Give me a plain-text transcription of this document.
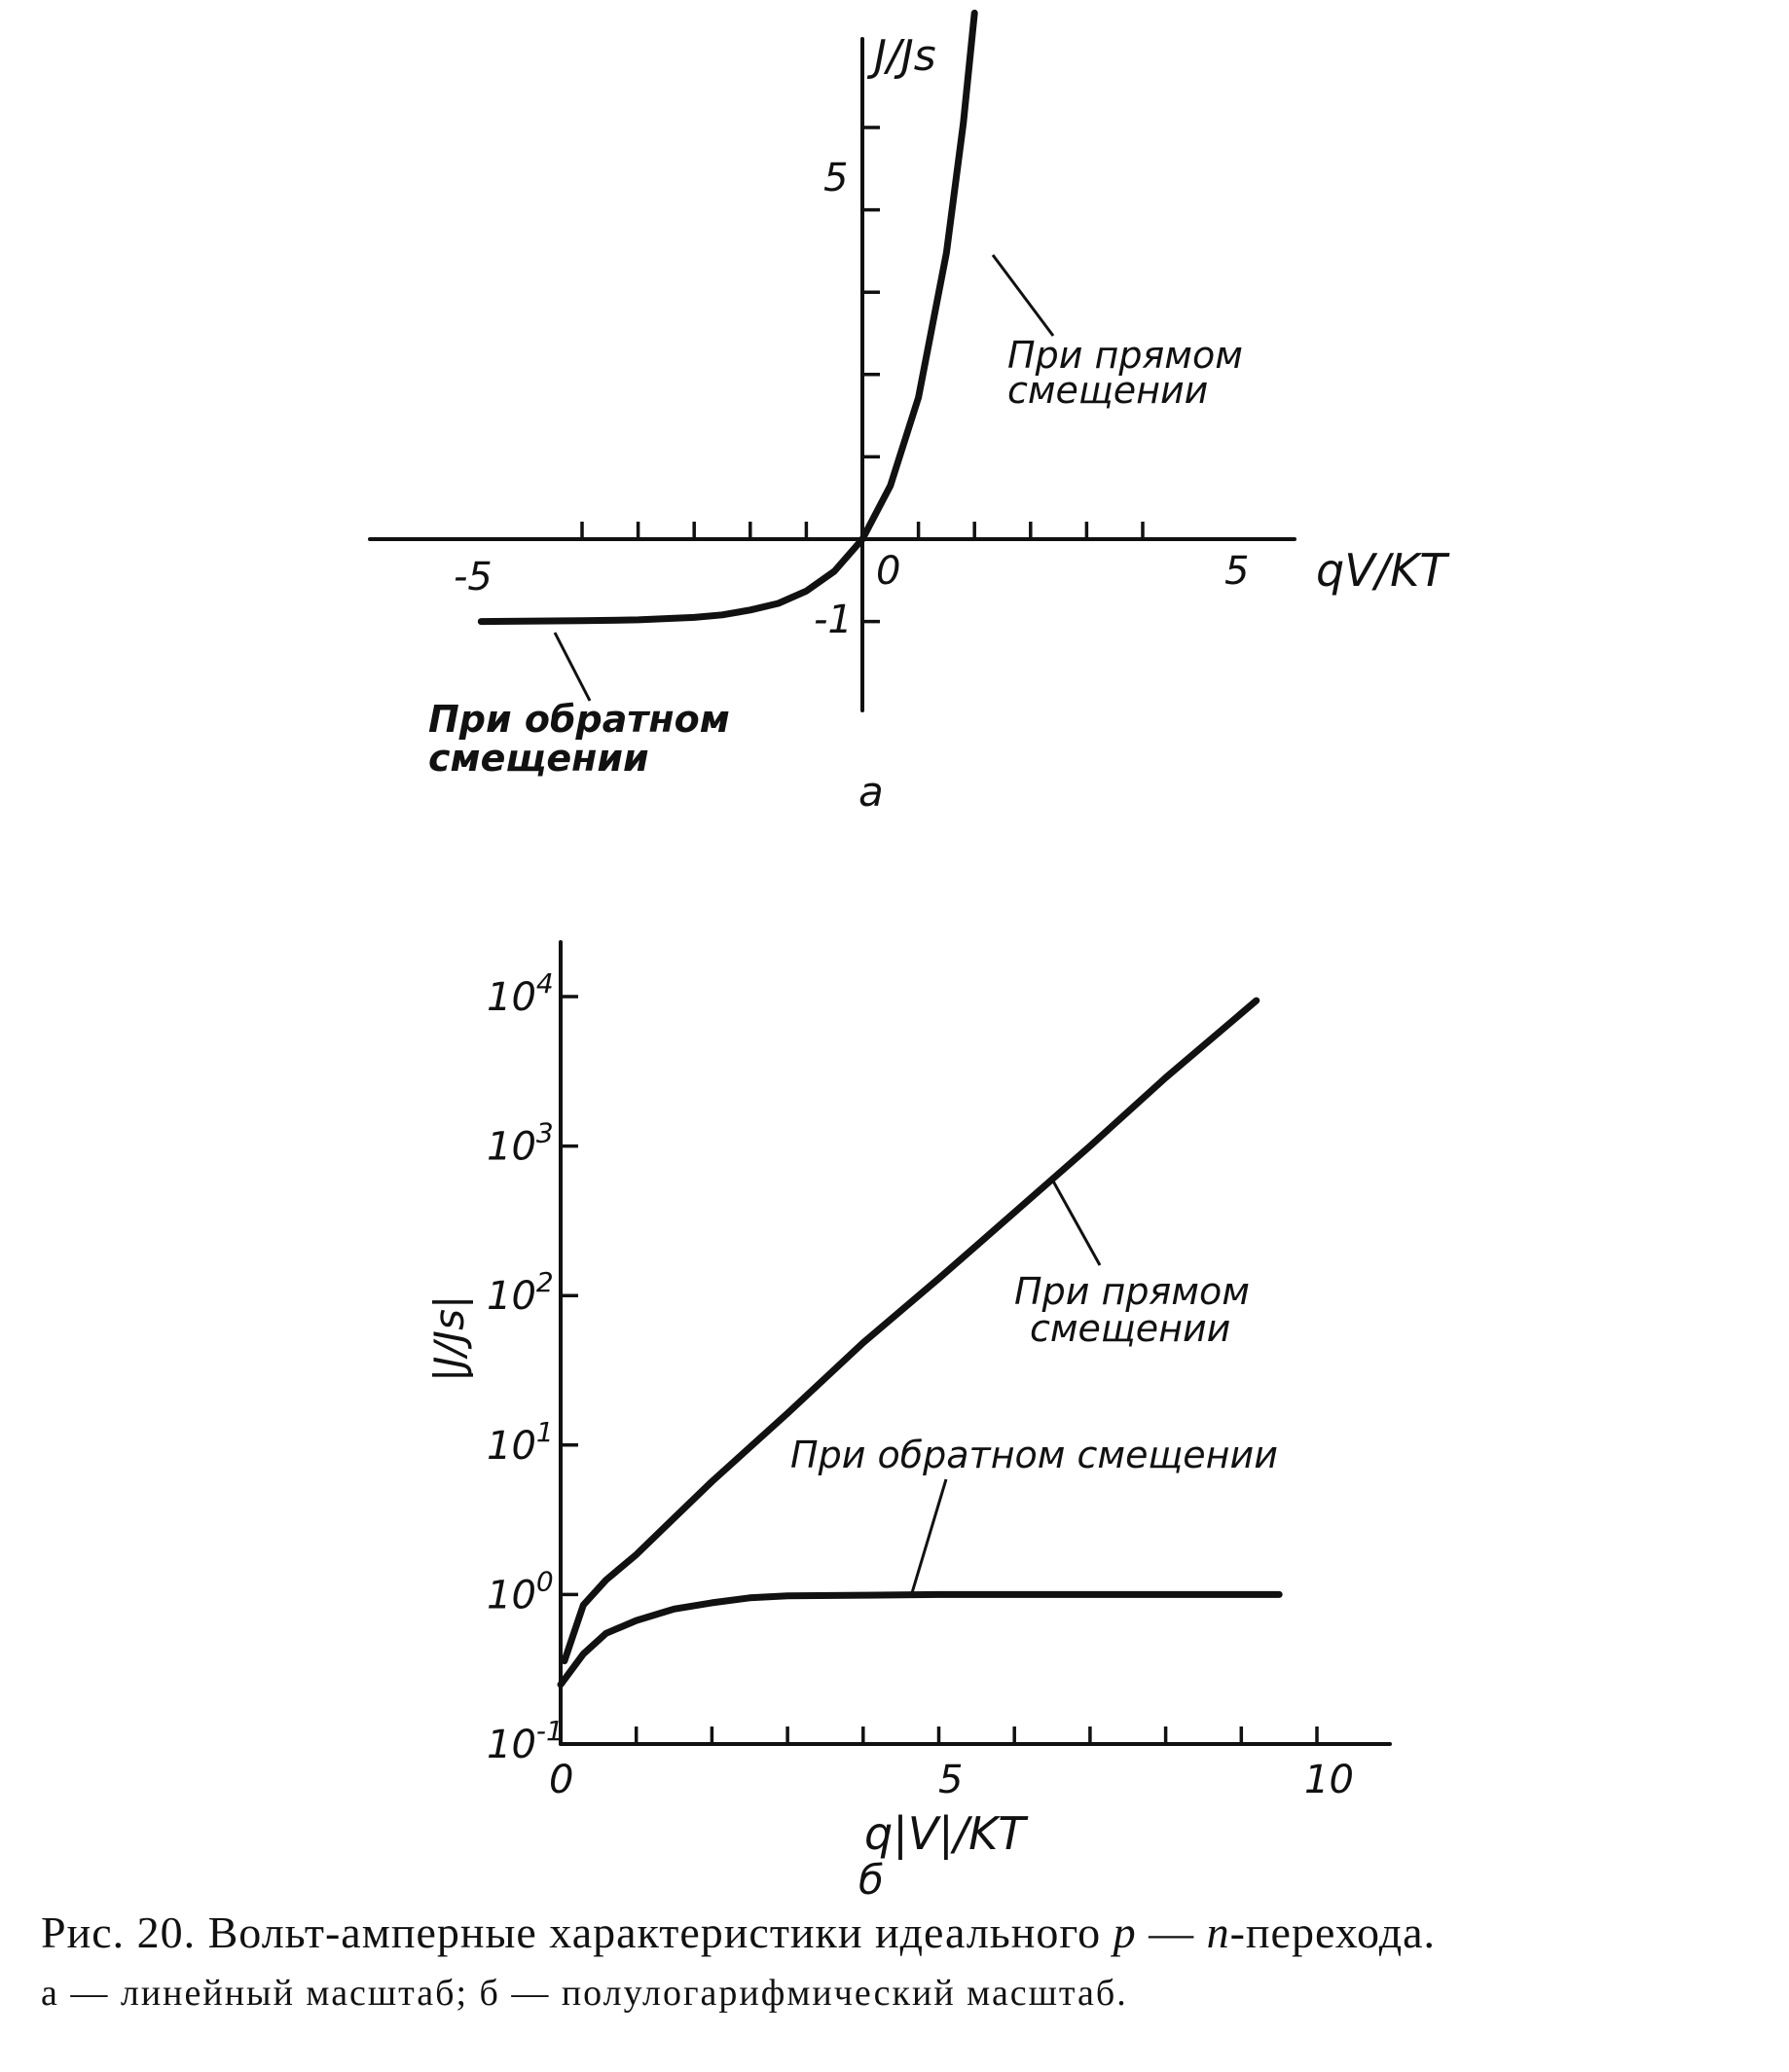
-5	0	5
5
-1
J/Js
qV/KT
При прямом
смещении
При обратном
смещении
а
0	5	10
$10^{-1}$
$10^0$
$10^1$
$10^2$
$10^3$
$10^4$
|J/Js|
q|V|/KT
При прямом
смещении
При обратном смещении
б
Рис. 20. Вольт-амперные характеристики идеального p — n-перехода.
а — линейный масштаб; б — полулогарифмический масштаб.
